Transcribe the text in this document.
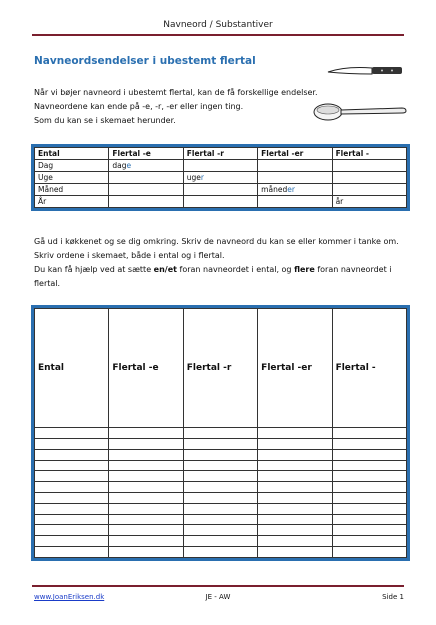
Navneord / Substantiver
Navneordsendelser i ubestemt flertal

Når vi bøjer navneord i ubestemt flertal, kan de få forskellige endelser.

Navneordene kan ende på -e, -r, -er eller ingen ting.

Som du kan se i skemaet herunder.

Ental	Flertal -e	Flertal -r	Flertal -er	Flertal -
Dag	dage			
Uge		uger		
Måned			måneder	
År				år

Gå ud i køkkenet og se dig omkring. Skriv de navneord du kan se eller kommer i tanke om. Skriv ordene i skemaet, både i ental og i flertal.

Du kan få hjælp ved at sætte en/et foran navneordet i ental, og flere foran navneordet i flertal.

Ental	Flertal -e	Flertal -r	Flertal -er	Flertal -

www.JoanEriksen.dk	JE - AW	Side 1
